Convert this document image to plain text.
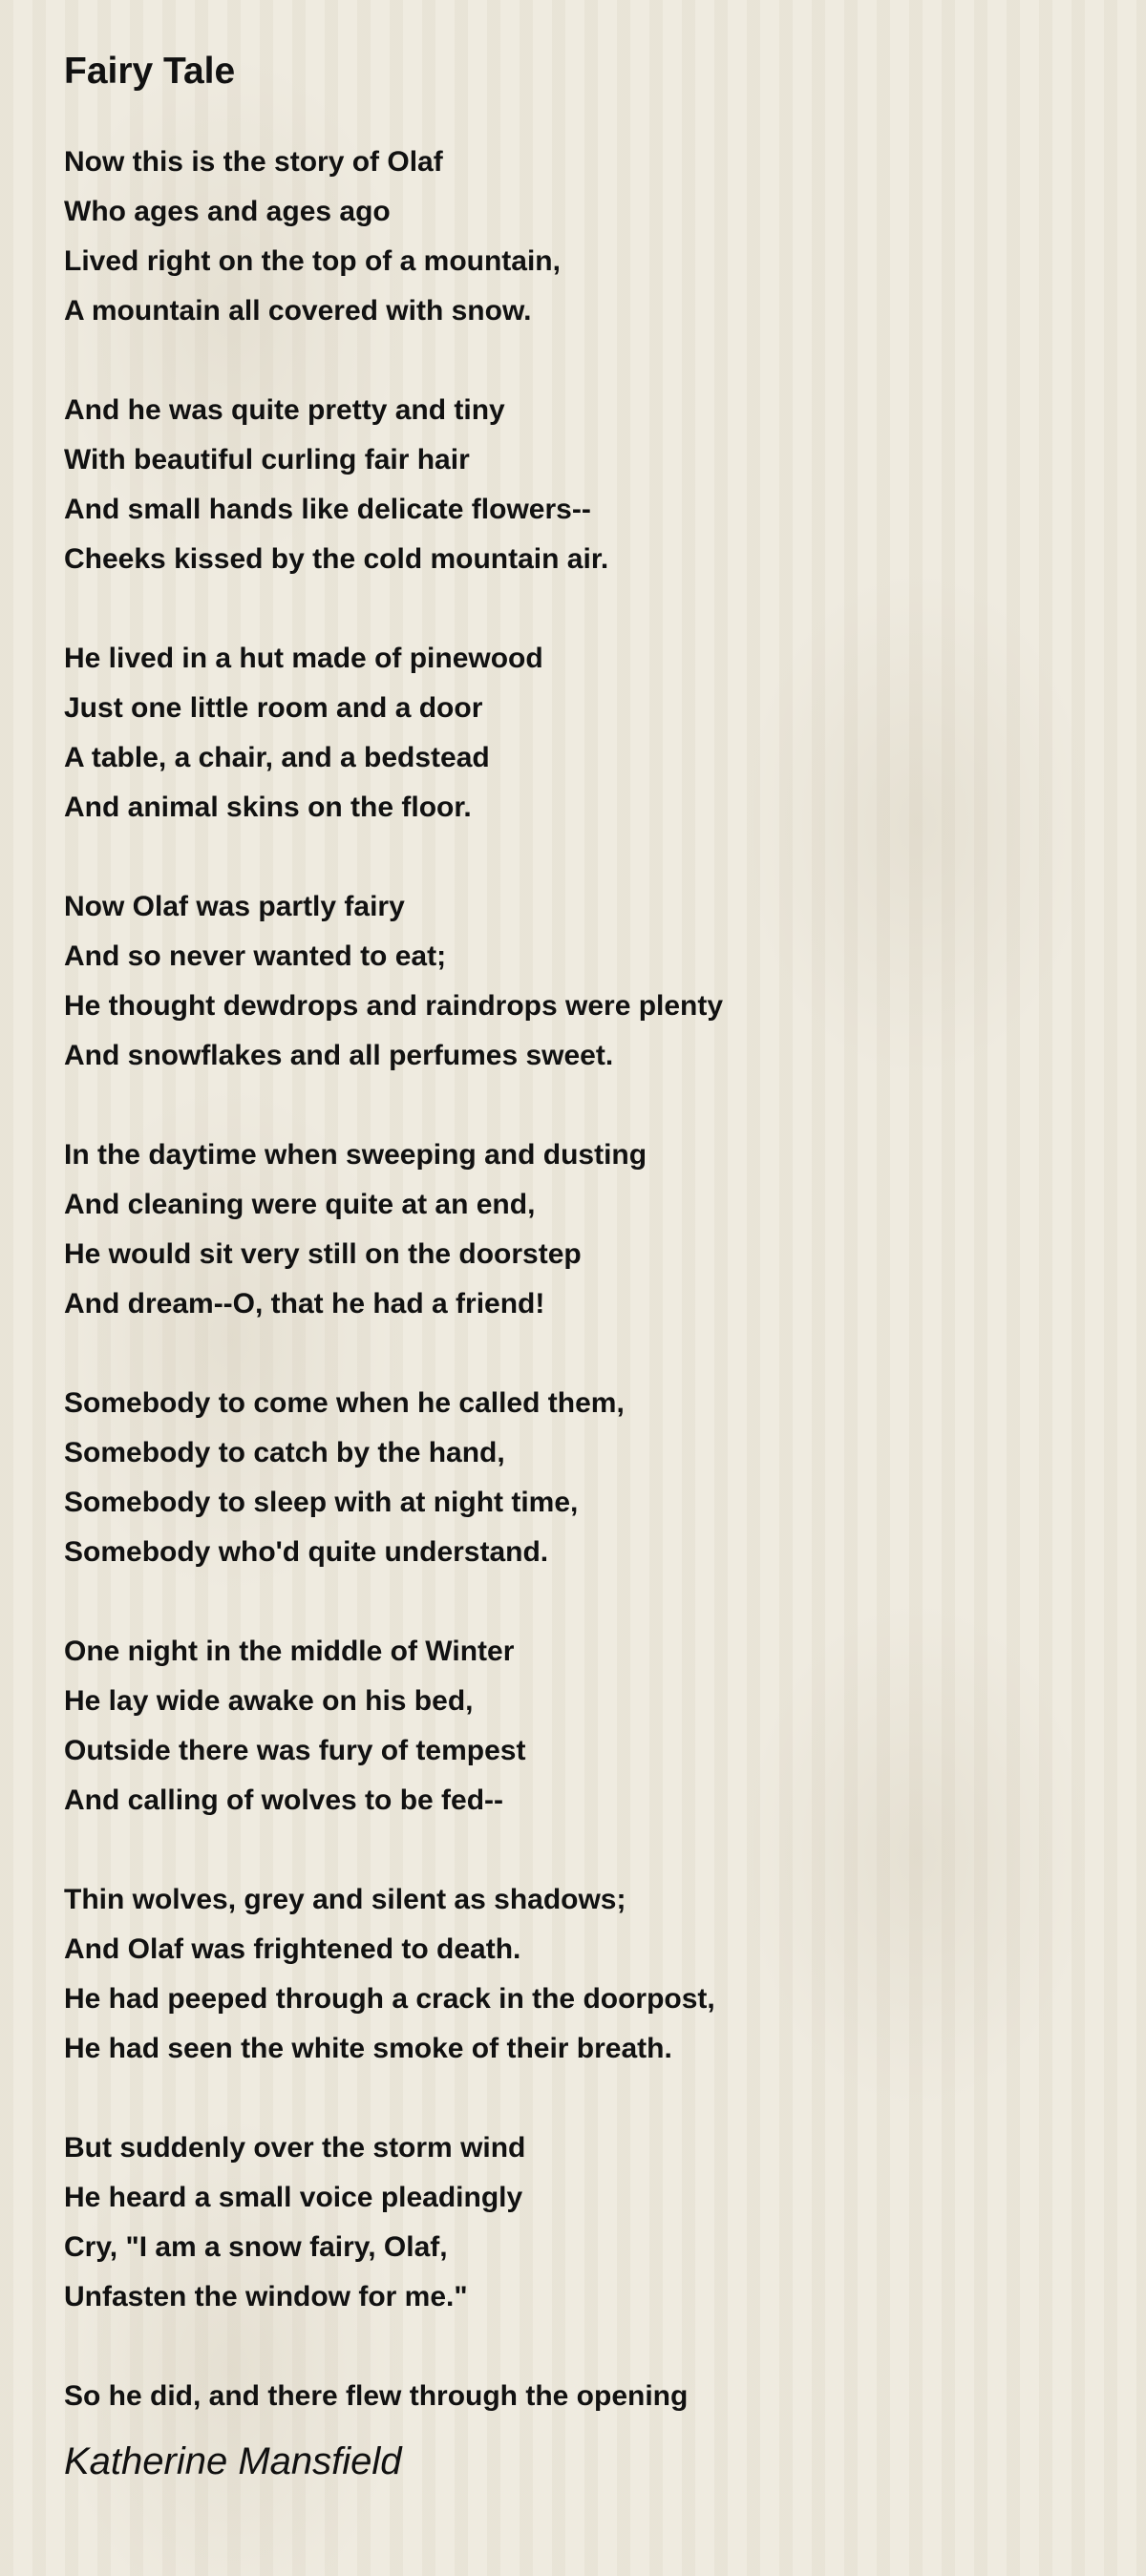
Fairy Tale
Now this is the story of Olaf
Who ages and ages ago
Lived right on the top of a mountain,
A mountain all covered with snow.
And he was quite pretty and tiny
With beautiful curling fair hair
And small hands like delicate flowers--
Cheeks kissed by the cold mountain air.
He lived in a hut made of pinewood
Just one little room and a door
A table, a chair, and a bedstead
And animal skins on the floor.
Now Olaf was partly fairy
And so never wanted to eat;
He thought dewdrops and raindrops were plenty
And snowflakes and all perfumes sweet.
In the daytime when sweeping and dusting
And cleaning were quite at an end,
He would sit very still on the doorstep
And dream--O, that he had a friend!
Somebody to come when he called them,
Somebody to catch by the hand,
Somebody to sleep with at night time,
Somebody who'd quite understand.
One night in the middle of Winter
He lay wide awake on his bed,
Outside there was fury of tempest
And calling of wolves to be fed--
Thin wolves, grey and silent as shadows;
And Olaf was frightened to death.
He had peeped through a crack in the doorpost,
He had seen the white smoke of their breath.
But suddenly over the storm wind
He heard a small voice pleadingly
Cry, "I am a snow fairy, Olaf,
Unfasten the window for me."
So he did, and there flew through the opening
Katherine Mansfield
